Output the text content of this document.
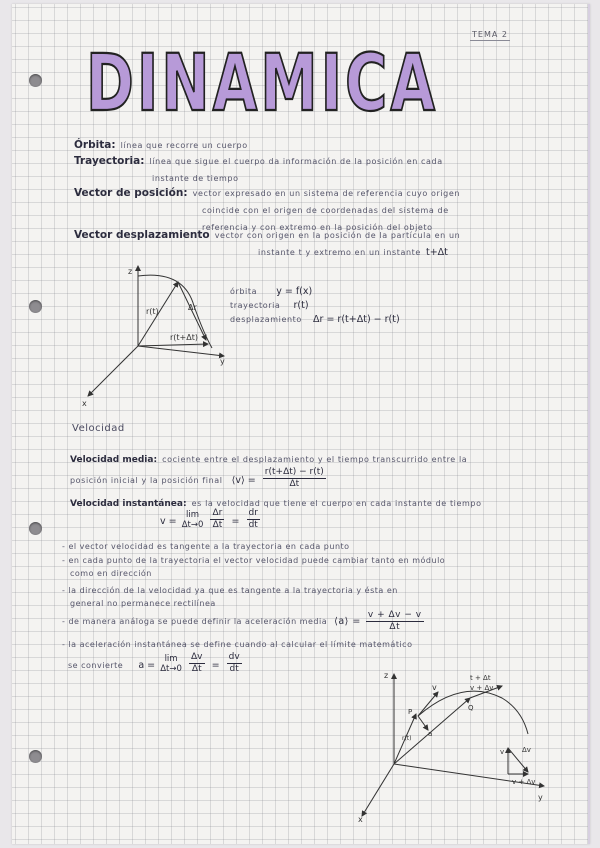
TEMA 2
DINAMICA
Órbita: línea que recorre un cuerpo
Trayectoria: línea que sigue el cuerpo da información de la posición en cada
instante de tiempo
Vector de posición: vector expresado en un sistema de referencia cuyo origen
coincide con el origen de coordenadas del sistema de
referencia y con extremo en la posición del objeto
Vector desplazamiento vector con origen en la posición de la partícula en un
instante t y extremo en un instante t+Δt
z
y
x
r(t)	Δr
r(t+Δt)
órbita y = f(x)
trayectoria r(t)
desplazamiento Δr = r(t+Δt) − r(t)
Velocidad
Velocidad media: cociente entre el desplazamiento y el tiempo transcurrido entre la
posición inicial y la posición final ⟨v⟩ = $\frac{r(t+\Delta t) - r(t)}{\Delta t}$
Velocidad instantánea: es la velocidad que tiene el cuerpo en cada instante de tiempo
v =
lim
Δt→0
$\frac{\Delta r}{\Delta t} = \frac{dr}{dt}$
- el vector velocidad es tangente a la trayectoria en cada punto
- en cada punto de la trayectoria el vector velocidad puede cambiar tanto en módulo
como en dirección
- la dirección de la velocidad ya que es tangente a la trayectoria y ésta en
general no permanece rectilínea
- de manera análoga se puede definir la aceleración media ⟨a⟩ = $\frac{v + \Delta v - v}{\Delta t}$
- la aceleración instantánea se define cuando al calcular el límite matemático
se convierte a =
lim
Δt→0
$\frac{\Delta v}{\Delta t} = \frac{dv}{dt}$
z
y
x
v
a
P	Q
t + Δt
v + Δv
r(t)
v	Δv
v + Δv
